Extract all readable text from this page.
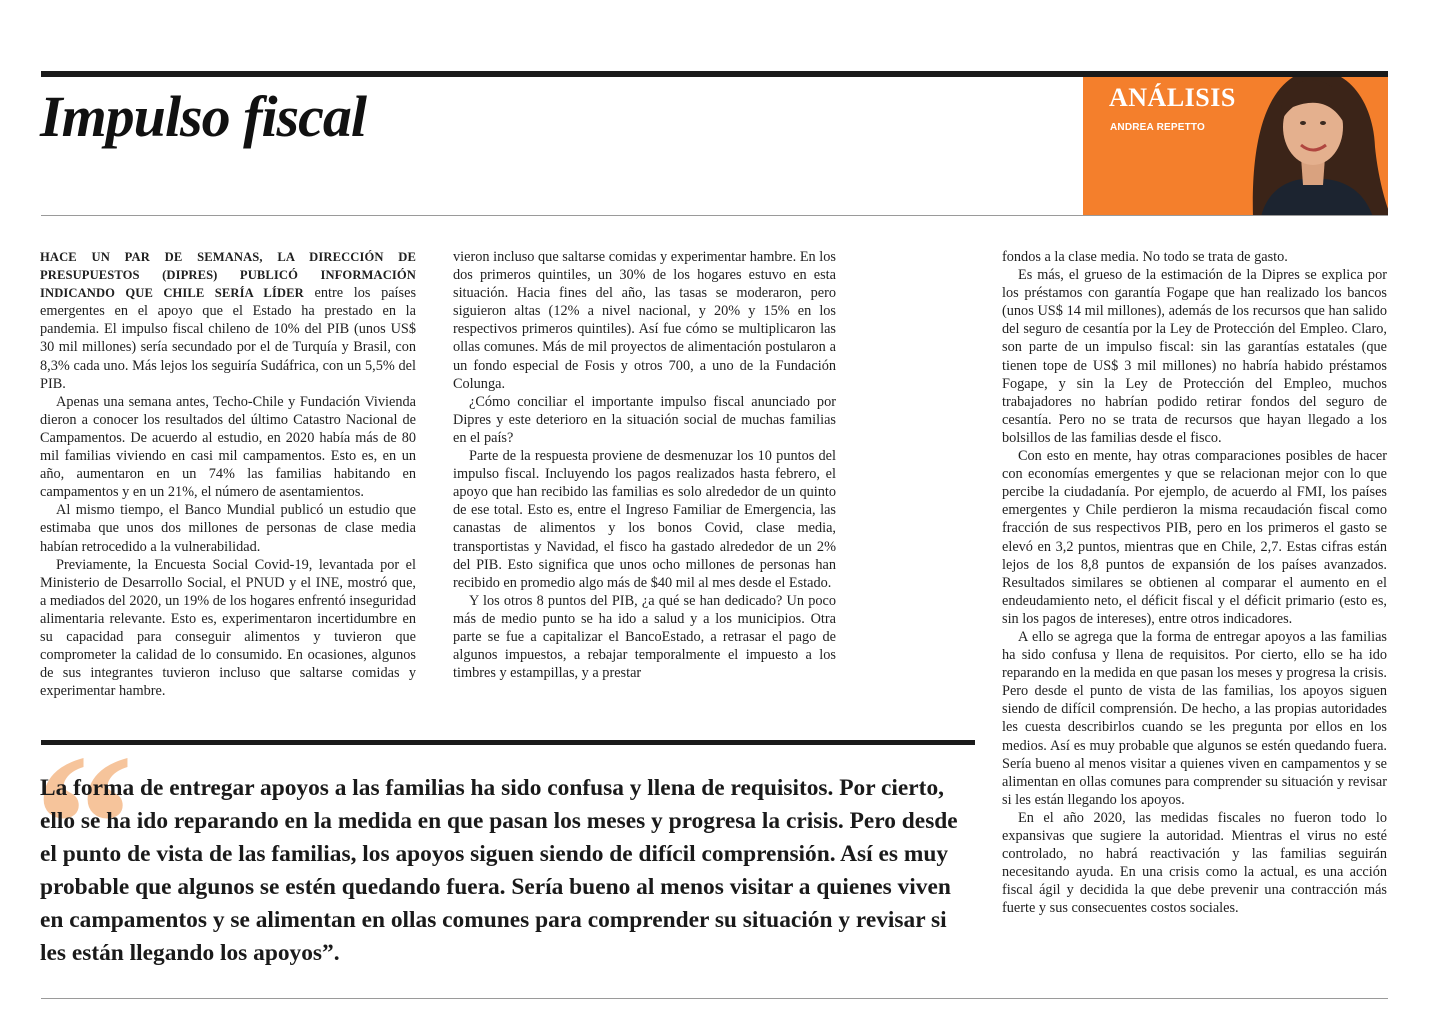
Impulso fiscal	ANÁLISIS
ANDREA REPETTO

HACE UN PAR DE SEMANAS, LA DIRECCIÓN DE PRESUPUESTOS (DIPRES) PUBLICÓ INFORMACIÓN INDICANDO QUE CHILE SERÍA LÍDER entre los países emergentes en el apoyo que el Estado ha prestado en la pandemia. El impulso fiscal chileno de 10% del PIB (unos US$ 30 mil millones) sería secundado por el de Turquía y Brasil, con 8,3% cada uno. Más lejos los seguiría Sudáfrica, con un 5,5% del PIB.

Apenas una semana antes, Techo-Chile y Fundación Vivienda dieron a conocer los resultados del último Catastro Nacional de Campamentos. De acuerdo al estudio, en 2020 había más de 80 mil familias viviendo en casi mil campamentos. Esto es, en un año, aumentaron en un 74% las familias habitando en campamentos y en un 21%, el número de asentamientos.

Al mismo tiempo, el Banco Mundial publicó un estudio que estimaba que unos dos millones de personas de clase media habían retrocedido a la vulnerabilidad.

Previamente, la Encuesta Social Covid-19, levantada por el Ministerio de Desarrollo Social, el PNUD y el INE, mostró que, a mediados del 2020, un 19% de los hogares enfrentó inseguridad alimentaria relevante. Esto es, experimentaron incertidumbre en su capacidad para conseguir alimentos y tuvieron que comprometer la calidad de lo consumido. En ocasiones, algunos de sus integrantes tuvieron incluso que saltarse comidas y experimentar hambre.

vieron incluso que saltarse comidas y experimentar hambre. En los dos primeros quintiles, un 30% de los hogares estuvo en esta situación. Hacia fines del año, las tasas se moderaron, pero siguieron altas (12% a nivel nacional, y 20% y 15% en los respectivos primeros quintiles). Así fue cómo se multiplicaron las ollas comunes. Más de mil proyectos de alimentación postularon a un fondo especial de Fosis y otros 700, a uno de la Fundación Colunga.

¿Cómo conciliar el importante impulso fiscal anunciado por Dipres y este deterioro en la situación social de muchas familias en el país?

Parte de la respuesta proviene de desmenuzar los 10 puntos del impulso fiscal. Incluyendo los pagos realizados hasta febrero, el apoyo que han recibido las familias es solo alrededor de un quinto de ese total. Esto es, entre el Ingreso Familiar de Emergencia, las canastas de alimentos y los bonos Covid, clase media, transportistas y Navidad, el fisco ha gastado alrededor de un 2% del PIB. Esto significa que unos ocho millones de personas han recibido en promedio algo más de $40 mil al mes desde el Estado.

Y los otros 8 puntos del PIB, ¿a qué se han dedicado? Un poco más de medio punto se ha ido a salud y a los municipios. Otra parte se fue a capitalizar el BancoEstado, a retrasar el pago de algunos impuestos, a rebajar temporalmente el impuesto a los timbres y estampillas, y a prestar

fondos a la clase media. No todo se trata de gasto.

Es más, el grueso de la estimación de la Dipres se explica por los préstamos con garantía Fogape que han realizado los bancos (unos US$ 14 mil millones), además de los recursos que han salido del seguro de cesantía por la Ley de Protección del Empleo. Claro, son parte de un impulso fiscal: sin las garantías estatales (que tienen tope de US$ 3 mil millones) no habría habido préstamos Fogape, y sin la Ley de Protección del Empleo, muchos trabajadores no habrían podido retirar fondos del seguro de cesantía. Pero no se trata de recursos que hayan llegado a los bolsillos de las familias desde el fisco.

Con esto en mente, hay otras comparaciones posibles de hacer con economías emergentes y que se relacionan mejor con lo que percibe la ciudadanía. Por ejemplo, de acuerdo al FMI, los países emergentes y Chile perdieron la misma recaudación fiscal como fracción de sus respectivos PIB, pero en los primeros el gasto se elevó en 3,2 puntos, mientras que en Chile, 2,7. Estas cifras están lejos de los 8,8 puntos de expansión de los países avanzados. Resultados similares se obtienen al comparar el aumento en el endeudamiento neto, el déficit fiscal y el déficit primario (esto es, sin los pagos de intereses), entre otros indicadores.

A ello se agrega que la forma de entregar apoyos a las familias ha sido confusa y llena de requisitos. Por cierto, ello se ha ido reparando en la medida en que pasan los meses y progresa la crisis. Pero desde el punto de vista de las familias, los apoyos siguen siendo de difícil comprensión. De hecho, a las propias autoridades les cuesta describirlos cuando se les pregunta por ellos en los medios. Así es muy probable que algunos se estén quedando fuera. Sería bueno al menos visitar a quienes viven en campamentos y se alimentan en ollas comunes para comprender su situación y revisar si les están llegando los apoyos.

En el año 2020, las medidas fiscales no fueron todo lo expansivas que sugiere la autoridad. Mientras el virus no esté controlado, no habrá reactivación y las familias seguirán necesitando ayuda. En una crisis como la actual, es una acción fiscal ágil y decidida la que debe prevenir una contracción más fuerte y sus consecuentes costos sociales.

“

La forma de entregar apoyos a las familias ha sido confusa y llena de requisitos. Por cierto, ello se ha ido reparando en la medida en que pasan los meses y progresa la crisis. Pero desde el punto de vista de las familias, los apoyos siguen siendo de difícil comprensión. Así es muy probable que algunos se estén quedando fuera. Sería bueno al menos visitar a quienes viven en campamentos y se alimentan en ollas comunes para comprender su situación y revisar si les están llegando los apoyos”.
